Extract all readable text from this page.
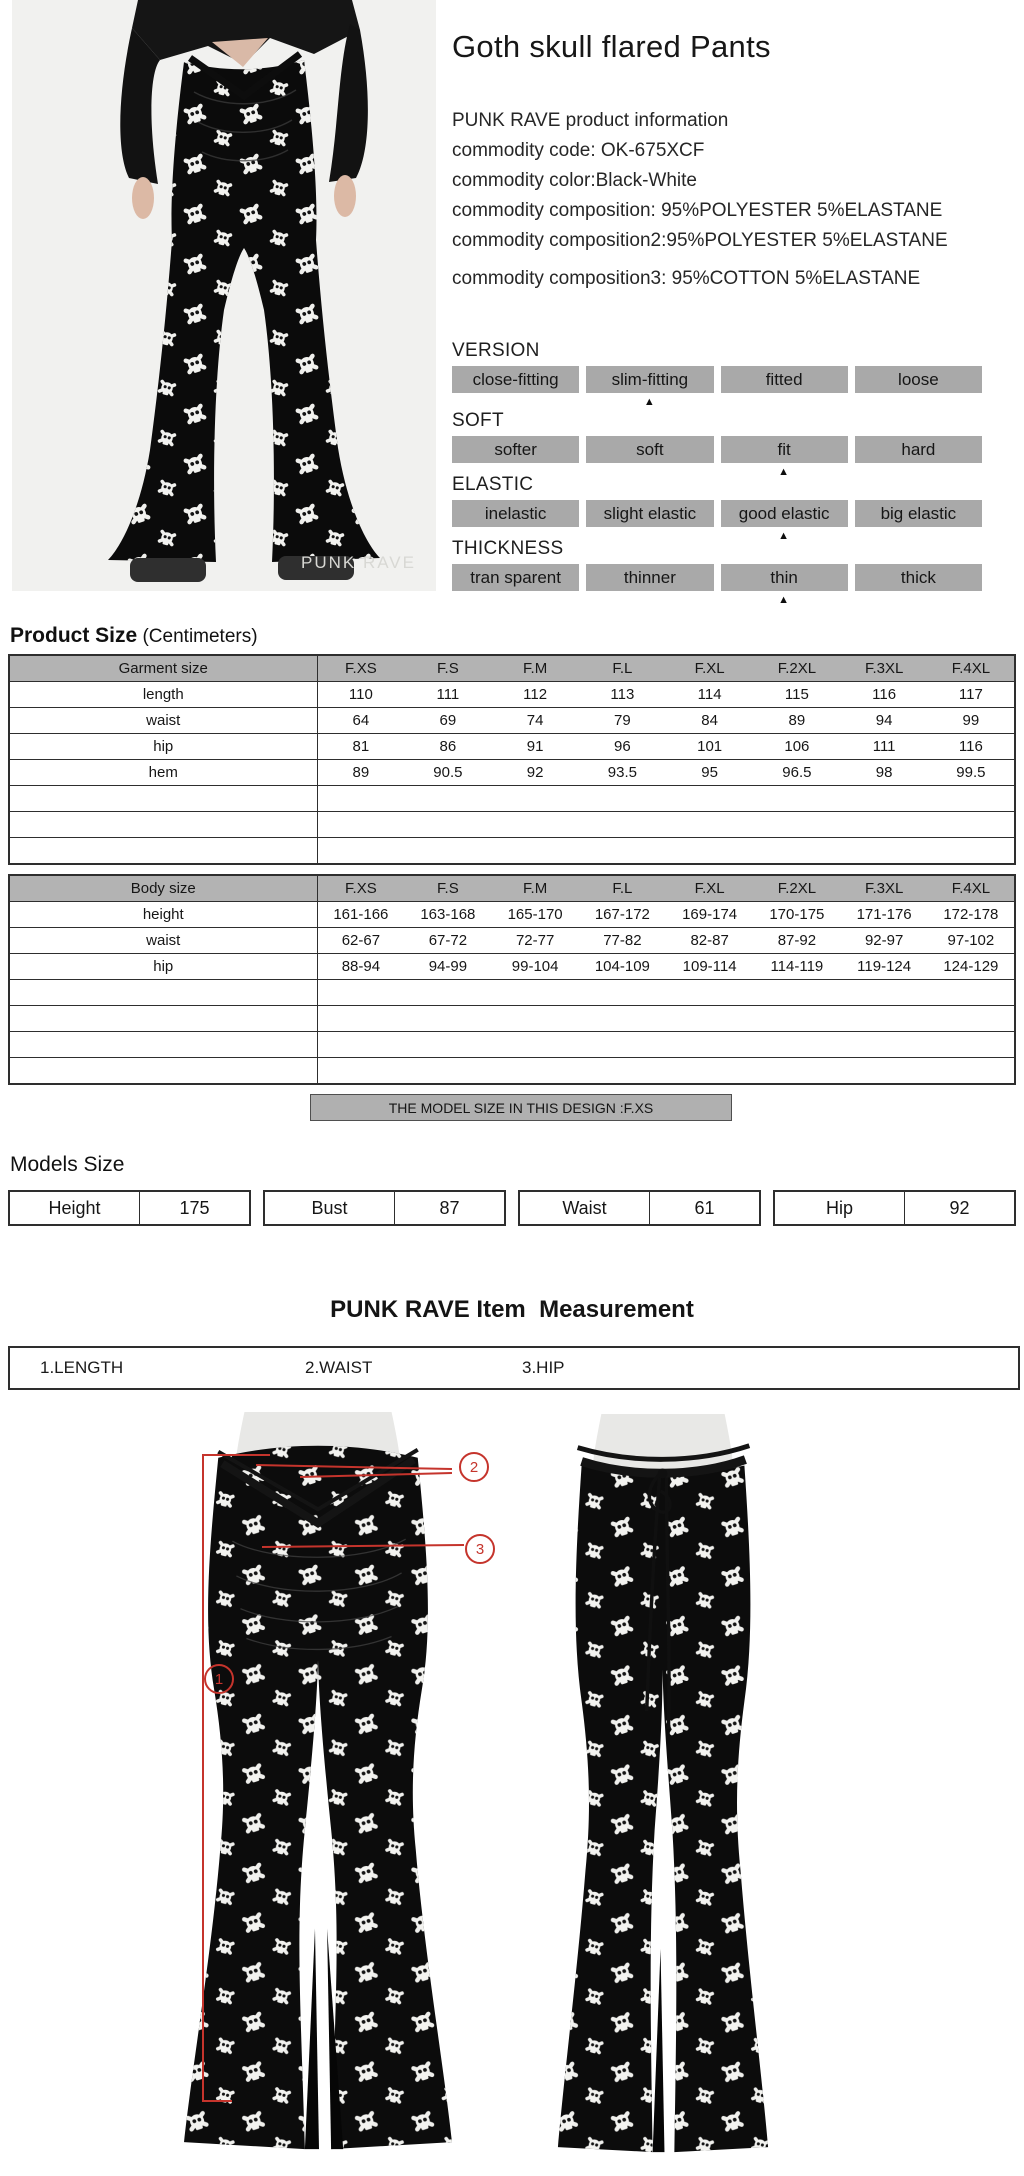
PUNK RAVE
Goth skull flared Pants
PUNK RAVE product information
commodity code: OK-675XCF
commodity color:Black-White
commodity composition: 95%POLYESTER 5%ELASTANE
commodity composition2:95%POLYESTER 5%ELASTANE
commodity composition3: 95%COTTON 5%ELASTANE
VERSION
close-fitting	slim-fitting	fitted	loose
▲
SOFT
softer	soft	fit	hard
▲
ELASTIC
inelastic	slight elastic	good elastic	big elastic
▲
THICKNESS
tran sparent	thinner	thin	thick
▲
Product Size (Centimeters)
Garment size	F.XS	F.S	F.M	F.L	F.XL	F.2XL	F.3XL	F.4XL
length	110	111	112	113	114	115	116	117
waist	64	69	74	79	84	89	94	99
hip	81	86	91	96	101	106	111	116
hem	89	90.5	92	93.5	95	96.5	98	99.5

Body size	F.XS	F.S	F.M	F.L	F.XL	F.2XL	F.3XL	F.4XL
height	161-166	163-168	165-170	167-172	169-174	170-175	171-176	172-178
waist	62-67	67-72	72-77	77-82	82-87	87-92	92-97	97-102
hip	88-94	94-99	99-104	104-109	109-114	114-119	119-124	124-129

THE MODEL SIZE IN THIS DESIGN :F.XS
Models Size
Height	175	Bust	87	Waist	61	Hip	92
PUNK RAVE Item  Measurement
1.LENGTH	2.WAIST	3.HIP
1
2
3
